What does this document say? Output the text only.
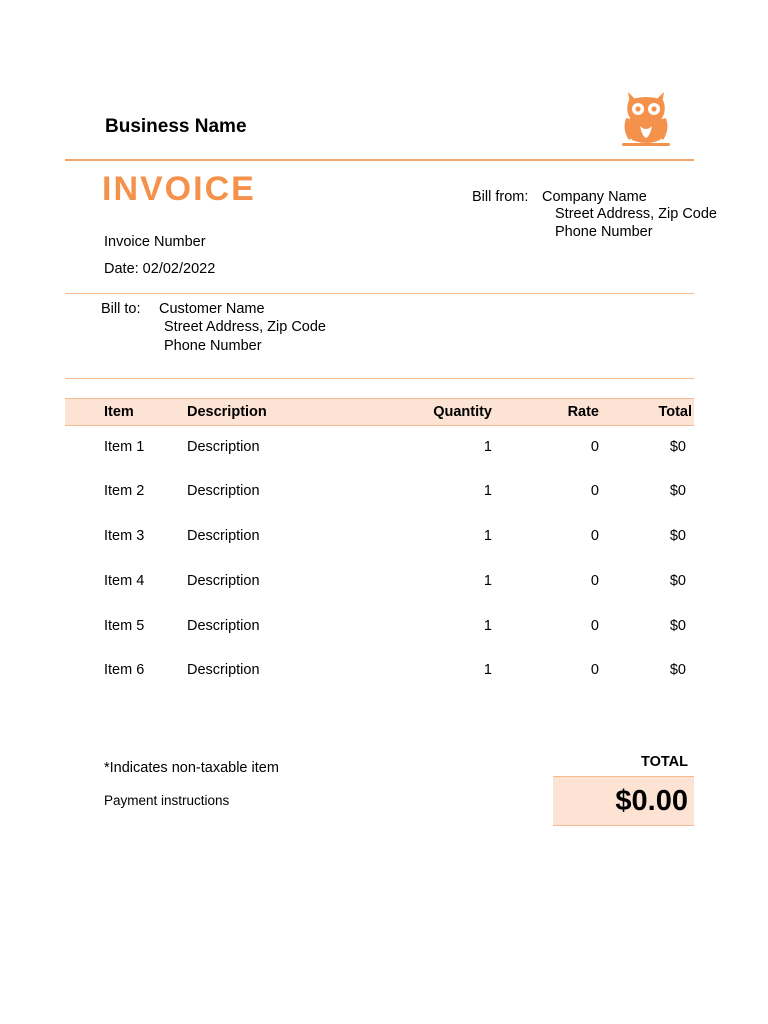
Business Name
INVOICE
Invoice Number
Date: 02/02/2022
Bill from: Company Name
Street Address, Zip Code
Phone Number
Bill to: Customer Name
Street Address, Zip Code
Phone Number
Item	Description	Quantity	Rate	Total
Item 1	Description	1	0	$0
Item 2	Description	1	0	$0
Item 3	Description	1	0	$0
Item 4	Description	1	0	$0
Item 5	Description	1	0	$0
Item 6	Description	1	0	$0
*Indicates non-taxable item
Payment instructions
TOTAL
$0.00
